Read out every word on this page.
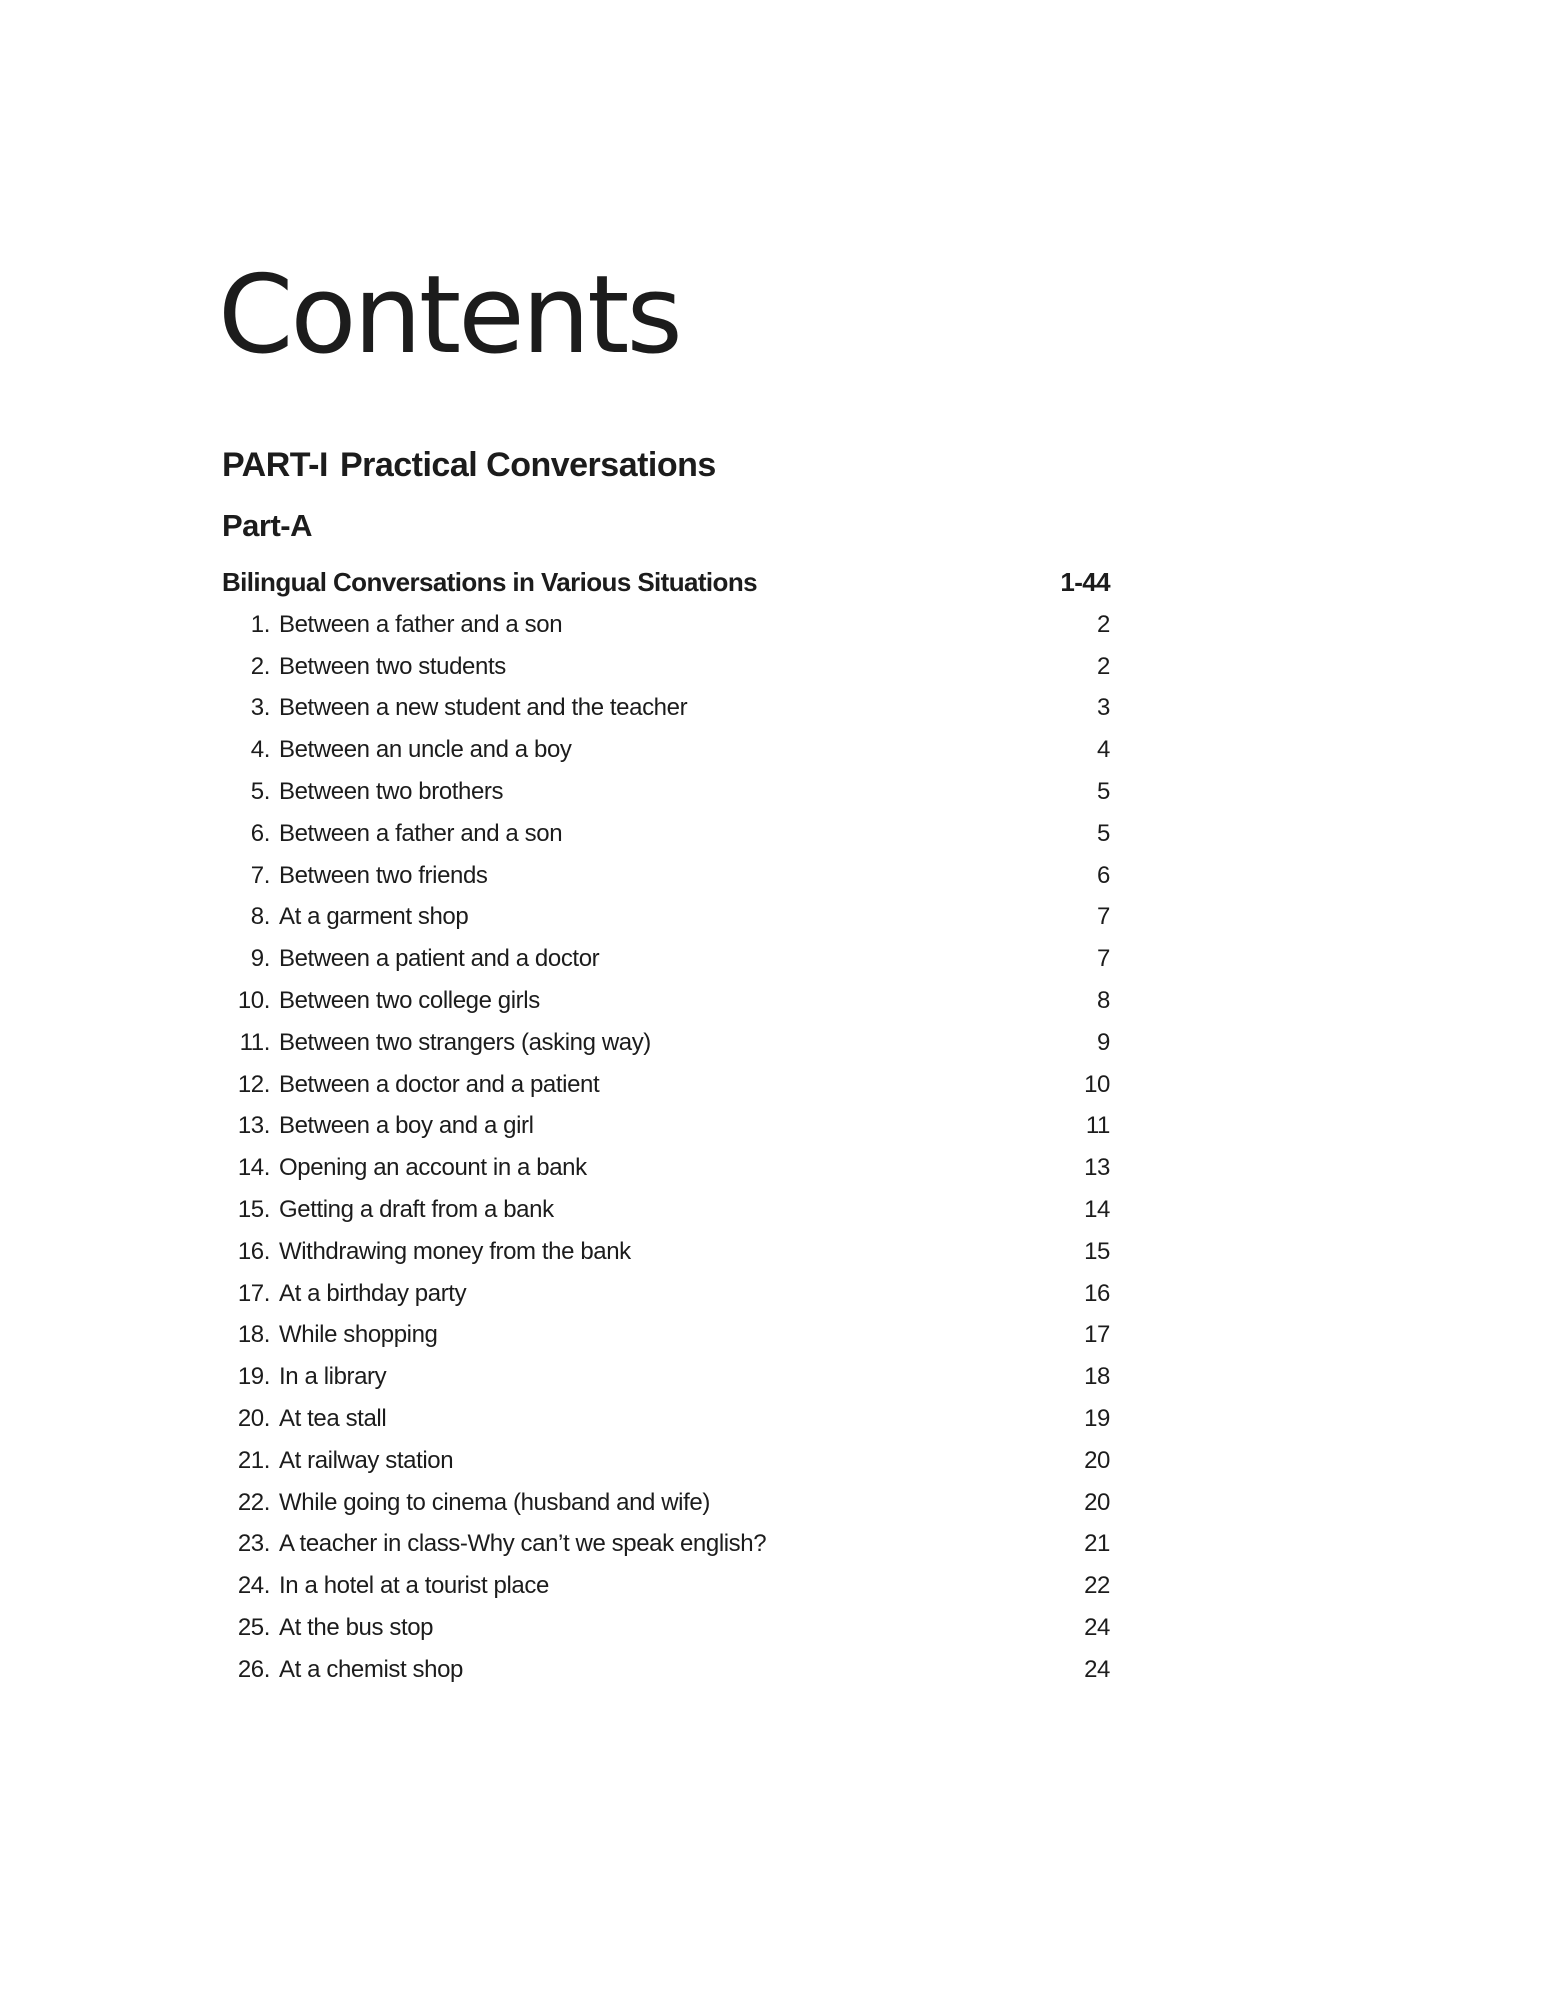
Contents
PART-I Practical Conversations
Part-A
Bilingual Conversations in Various Situations	1-44
1. Between a father and a son	2
2. Between two students	2
3. Between a new student and the teacher	3
4. Between an uncle and a boy	4
5. Between two brothers	5
6. Between a father and a son	5
7. Between two friends	6
8. At a garment shop	7
9. Between a patient and a doctor	7
10. Between two college girls	8
11. Between two strangers (asking way)	9
12. Between a doctor and a patient	10
13. Between a boy and a girl	11
14. Opening an account in a bank	13
15. Getting a draft from a bank	14
16. Withdrawing money from the bank	15
17. At a birthday party	16
18. While shopping	17
19. In a library	18
20. At tea stall	19
21. At railway station	20
22. While going to cinema (husband and wife)	20
23. A teacher in class-Why can’t we speak english?	21
24. In a hotel at a tourist place	22
25. At the bus stop	24
26. At a chemist shop	24
